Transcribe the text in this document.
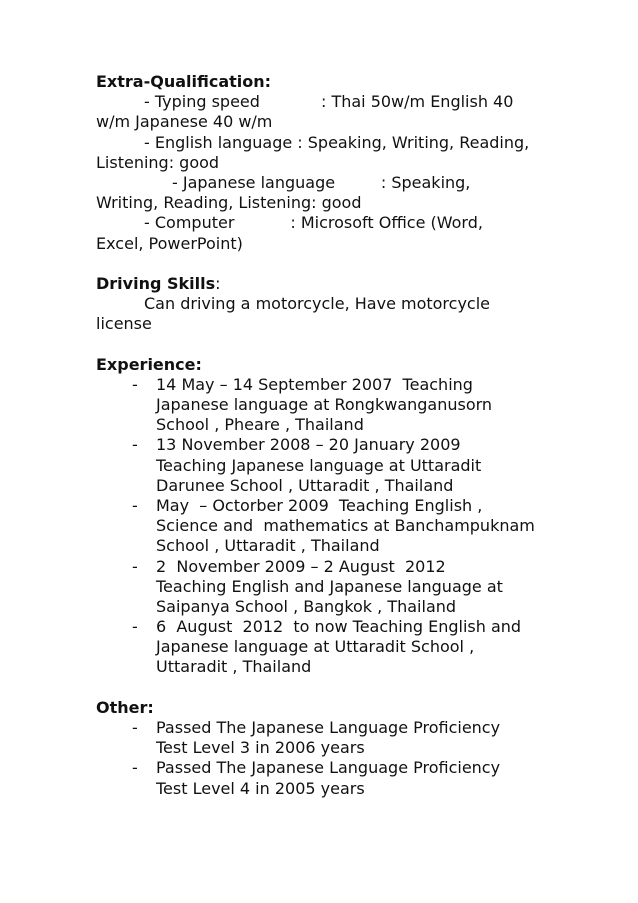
Extra-Qualification:
- Typing speed            : Thai 50w/m English 40
w/m Japanese 40 w/m
- English language : Speaking, Writing, Reading,
Listening: good
- Japanese language         : Speaking,
Writing, Reading, Listening: good
- Computer           : Microsoft Office (Word,
Excel, PowerPoint)
Driving Skills:
Can driving a motorcycle, Have motorcycle
license
Experience:
- 14 May – 14 September 2007  Teaching
Japanese language at Rongkwanganusorn
School , Pheare , Thailand
- 13 November 2008 – 20 January 2009
Teaching Japanese language at Uttaradit
Darunee School , Uttaradit , Thailand
- May  – Octorber 2009  Teaching English ,
Science and  mathematics at Banchampuknam
School , Uttaradit , Thailand
- 2  November 2009 – 2 August  2012
Teaching English and Japanese language at
Saipanya School , Bangkok , Thailand
- 6  August  2012  to now Teaching English and
Japanese language at Uttaradit School ,
Uttaradit , Thailand
Other:
- Passed The Japanese Language Proficiency
Test Level 3 in 2006 years
- Passed The Japanese Language Proficiency
Test Level 4 in 2005 years
